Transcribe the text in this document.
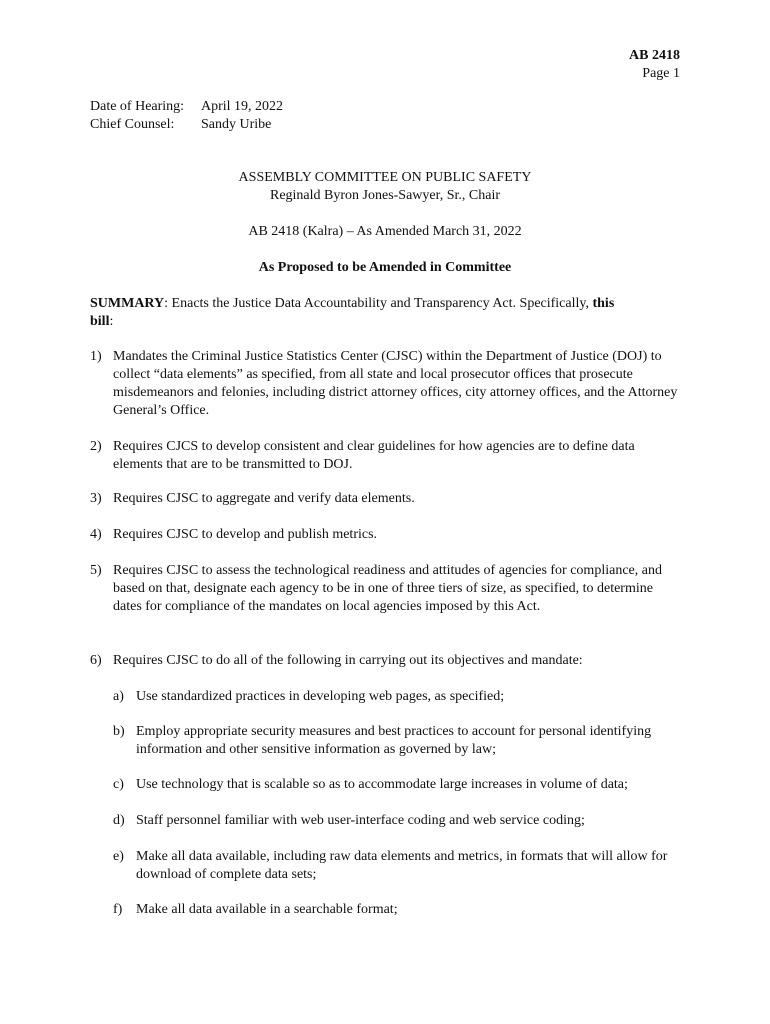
AB 2418
Page 1
Date of Hearing: April 19, 2022
Chief Counsel: Sandy Uribe
ASSEMBLY COMMITTEE ON PUBLIC SAFETY
Reginald Byron Jones-Sawyer, Sr., Chair
AB 2418 (Kalra) – As Amended March 31, 2022
As Proposed to be Amended in Committee
SUMMARY: Enacts the Justice Data Accountability and Transparency Act. Specifically, this
bill:
1) Mandates the Criminal Justice Statistics Center (CJSC) within the Department of Justice (DOJ) to collect “data elements” as specified, from all state and local prosecutor offices that prosecute misdemeanors and felonies, including district attorney offices, city attorney offices, and the Attorney General’s Office.
2) Requires CJCS to develop consistent and clear guidelines for how agencies are to define data elements that are to be transmitted to DOJ.
3) Requires CJSC to aggregate and verify data elements.
4) Requires CJSC to develop and publish metrics.
5) Requires CJSC to assess the technological readiness and attitudes of agencies for compliance, and based on that, designate each agency to be in one of three tiers of size, as specified, to determine dates for compliance of the mandates on local agencies imposed by this Act.
6) Requires CJSC to do all of the following in carrying out its objectives and mandate:
a) Use standardized practices in developing web pages, as specified;
b) Employ appropriate security measures and best practices to account for personal identifying information and other sensitive information as governed by law;
c) Use technology that is scalable so as to accommodate large increases in volume of data;
d) Staff personnel familiar with web user-interface coding and web service coding;
e) Make all data available, including raw data elements and metrics, in formats that will allow for download of complete data sets;
f) Make all data available in a searchable format;
